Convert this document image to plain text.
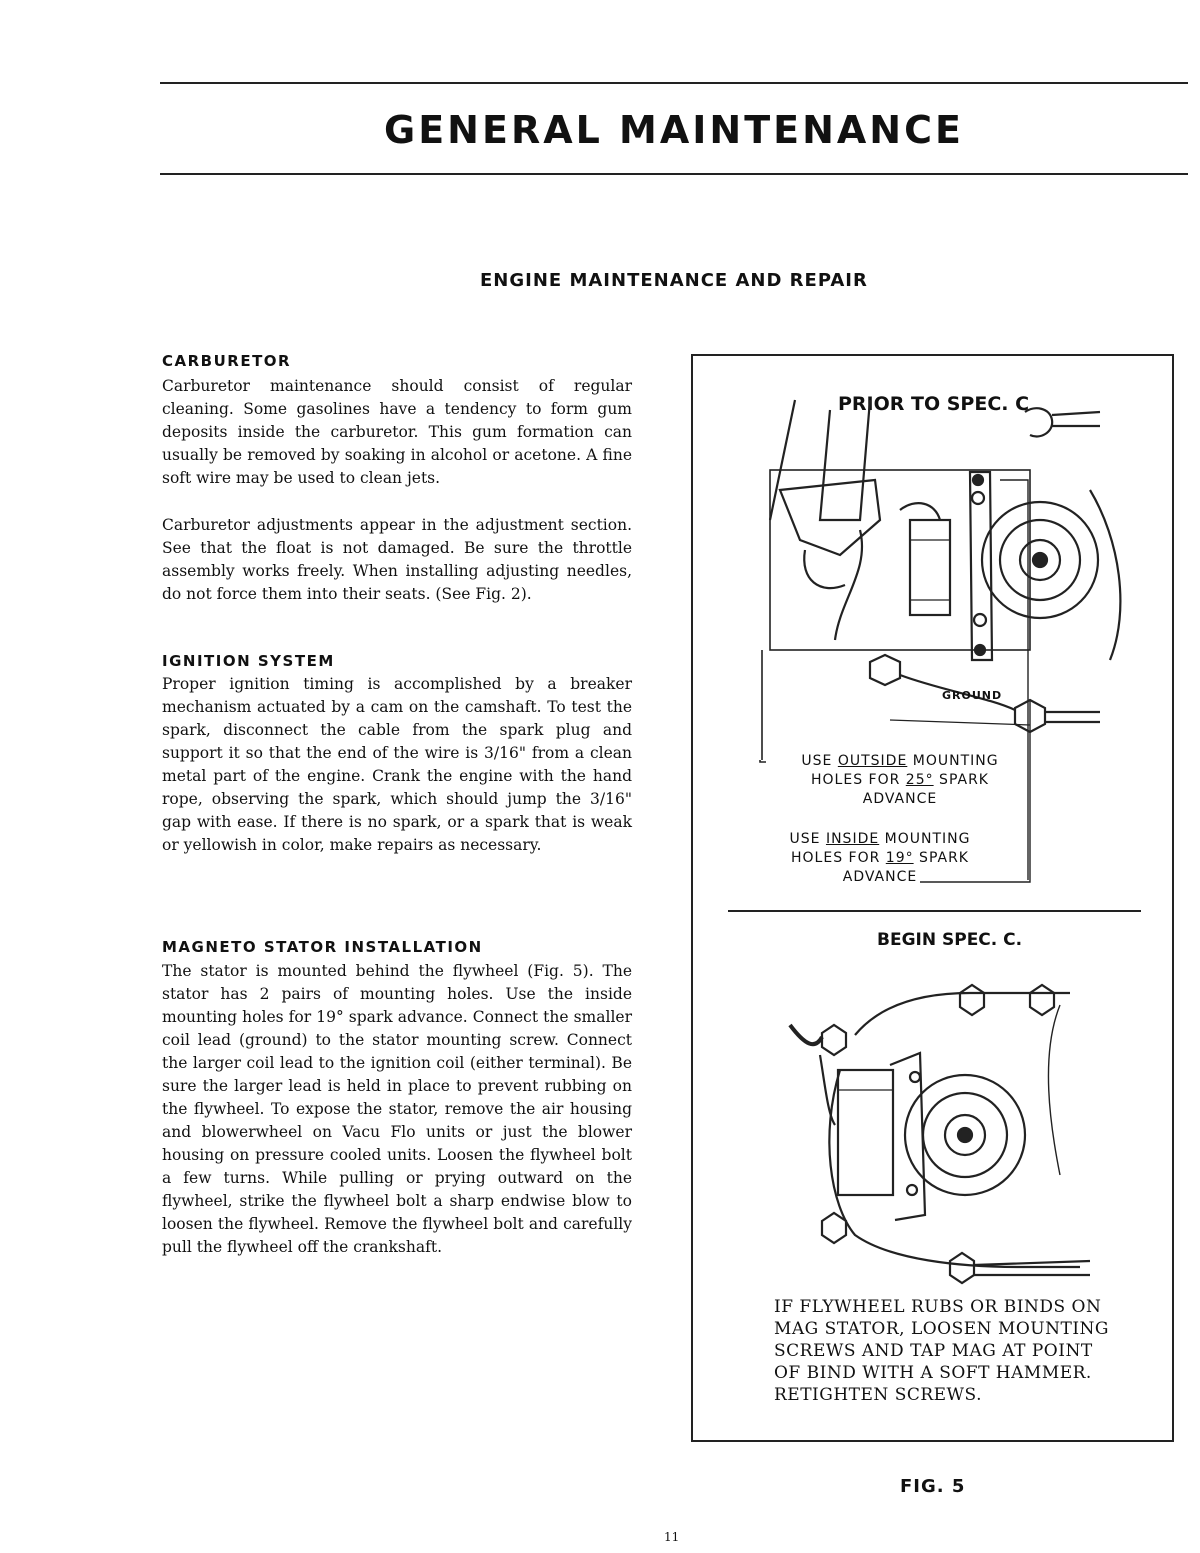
GENERAL MAINTENANCE
ENGINE MAINTENANCE AND REPAIR
CARBURETOR

Carburetor maintenance should consist of regular cleaning. Some gasolines have a tendency to form gum deposits inside the carburetor. This gum formation can usually be removed by soaking in alcohol or acetone. A fine soft wire may be used to clean jets.

Carburetor adjustments appear in the adjustment section. See that the float is not damaged. Be sure the throttle assembly works freely. When installing adjusting needles, do not force them into their seats. (See Fig. 2).

IGNITION SYSTEM

Proper ignition timing is accomplished by a breaker mechanism actuated by a cam on the camshaft. To test the spark, disconnect the cable from the spark plug and support it so that the end of the wire is 3/16" from a clean metal part of the engine. Crank the engine with the hand rope, observing the spark, which should jump the 3/16" gap with ease. If there is no spark, or a spark that is weak or yellowish in color, make repairs as necessary.

MAGNETO STATOR INSTALLATION

The stator is mounted behind the flywheel (Fig. 5). The stator has 2 pairs of mounting holes. Use the inside mounting holes for 19° spark advance. Connect the smaller coil lead (ground) to the stator mounting screw. Connect the larger coil lead to the ignition coil (either terminal). Be sure the larger lead is held in place to prevent rubbing on the flywheel. To expose the stator, remove the air housing and blowerwheel on Vacu Flo units or just the blower housing on pressure cooled units. Loosen the flywheel bolt a few turns. While pulling or prying outward on the flywheel, strike the flywheel bolt a sharp endwise blow to loosen the flywheel. Remove the flywheel bolt and carefully pull the flywheel off the crankshaft.

PRIOR TO SPEC. C
GROUND
USE OUTSIDE MOUNTING
HOLES FOR 25° SPARK
ADVANCE
USE INSIDE MOUNTING
HOLES FOR 19° SPARK
ADVANCE
BEGIN SPEC. C.
IF FLYWHEEL RUBS OR BINDS ON
MAG STATOR, LOOSEN MOUNTING
SCREWS AND TAP MAG AT POINT
OF BIND WITH A SOFT HAMMER.
RETIGHTEN SCREWS.
FIG. 5
11
